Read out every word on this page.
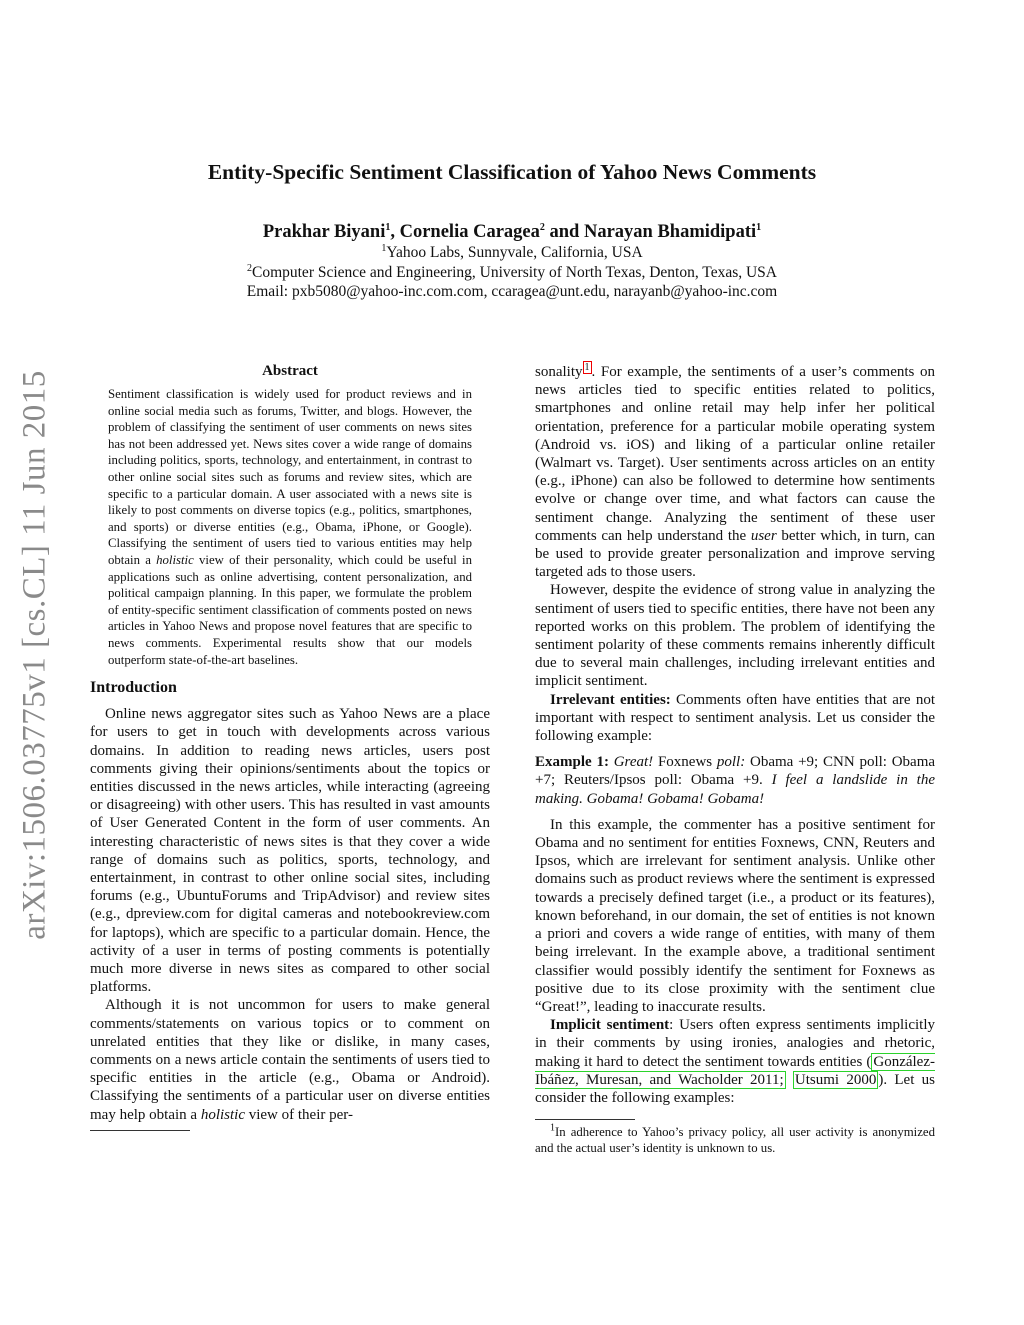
arXiv:1506.03775v1 [cs.CL] 11 Jun 2015
Entity-Specific Sentiment Classification of Yahoo News Comments
Prakhar Biyani$^1$, Cornelia Caragea$^2$ and Narayan Bhamidipati$^1$
$^1$Yahoo Labs, Sunnyvale, California, USA
$^2$Computer Science and Engineering, University of North Texas, Denton, Texas, USA
Email: pxb5080@yahoo-inc.com.com, ccaragea@unt.edu, narayanb@yahoo-inc.com
Abstract

Sentiment classification is widely used for product reviews and in online social media such as forums, Twitter, and blogs. However, the problem of classifying the sentiment of user comments on news sites has not been addressed yet. News sites cover a wide range of domains including politics, sports, technology, and entertainment, in contrast to other online social sites such as forums and review sites, which are specific to a particular domain. A user associated with a news site is likely to post comments on diverse topics (e.g., politics, smartphones, and sports) or diverse entities (e.g., Obama, iPhone, or Google). Classifying the sentiment of users tied to various entities may help obtain a holistic view of their personality, which could be useful in applications such as online advertising, content personalization, and political campaign planning. In this paper, we formulate the problem of entity-specific sentiment classification of comments posted on news articles in Yahoo News and propose novel features that are specific to news comments. Experimental results show that our models outperform state-of-the-art baselines.

Introduction

Online news aggregator sites such as Yahoo News are a place for users to get in touch with developments across various domains. In addition to reading news articles, users post comments giving their opinions/sentiments about the topics or entities discussed in the news articles, while interacting (agreeing or disagreeing) with other users. This has resulted in vast amounts of User Generated Content in the form of user comments. An interesting characteristic of news sites is that they cover a wide range of domains such as politics, sports, technology, and entertainment, in contrast to other online social sites, including forums (e.g., UbuntuForums and TripAdvisor) and review sites (e.g., dpreview.com for digital cameras and notebookreview.com for laptops), which are specific to a particular domain. Hence, the activity of a user in terms of posting comments is potentially much more diverse in news sites as compared to other social platforms.

Although it is not uncommon for users to make general comments/statements on various topics or to comment on unrelated entities that they like or dislike, in many cases, comments on a news article contain the sentiments of users tied to specific entities in the article (e.g., Obama or Android). Classifying the sentiments of a particular user on diverse entities may help obtain a holistic view of their per-

sonality $^1$ . For example, the sentiments of a user’s comments on news articles tied to specific entities related to politics, smartphones and online retail may help infer her political orientation, preference for a particular mobile operating system (Android vs. iOS) and liking of a particular online retailer (Walmart vs. Target). User sentiments across articles on an entity (e.g., iPhone) can also be followed to determine how sentiments evolve or change over time, and what factors can cause the sentiment change. Analyzing the sentiment of these user comments can help understand the user better which, in turn, can be used to provide greater personalization and improve serving targeted ads to those users.

However, despite the evidence of strong value in analyzing the sentiment of users tied to specific entities, there have not been any reported works on this problem. The problem of identifying the sentiment polarity of these comments remains inherently difficult due to several main challenges, including irrelevant entities and implicit sentiment.

Irrelevant entities: Comments often have entities that are not important with respect to sentiment analysis. Let us consider the following example:

Example 1: Great! Foxnews poll: Obama +9; CNN poll: Obama +7; Reuters/Ipsos poll: Obama +9. I feel a landslide in the making. Gobama! Gobama! Gobama!

In this example, the commenter has a positive sentiment for Obama and no sentiment for entities Foxnews, CNN, Reuters and Ipsos, which are irrelevant for sentiment analysis. Unlike other domains such as product reviews where the sentiment is expressed towards a precisely defined target (i.e., a product or its features), known beforehand, in our domain, the set of entities is not known a priori and covers a wide range of entities, with many of them being irrelevant. In the example above, a traditional sentiment classifier would possibly identify the sentiment for Foxnews as positive due to its close proximity with the sentiment clue “Great!”, leading to inaccurate results.

Implicit sentiment: Users often express sentiments implicitly in their comments by using ironies, analogies and rhetoric, making it hard to detect the sentiment towards entities ( González-Ibáñez, Muresan, and Wacholder 2011; Utsumi 2000 ). Let us consider the following examples:

$^1$In adherence to Yahoo’s privacy policy, all user activity is anonymized and the actual user’s identity is unknown to us.
